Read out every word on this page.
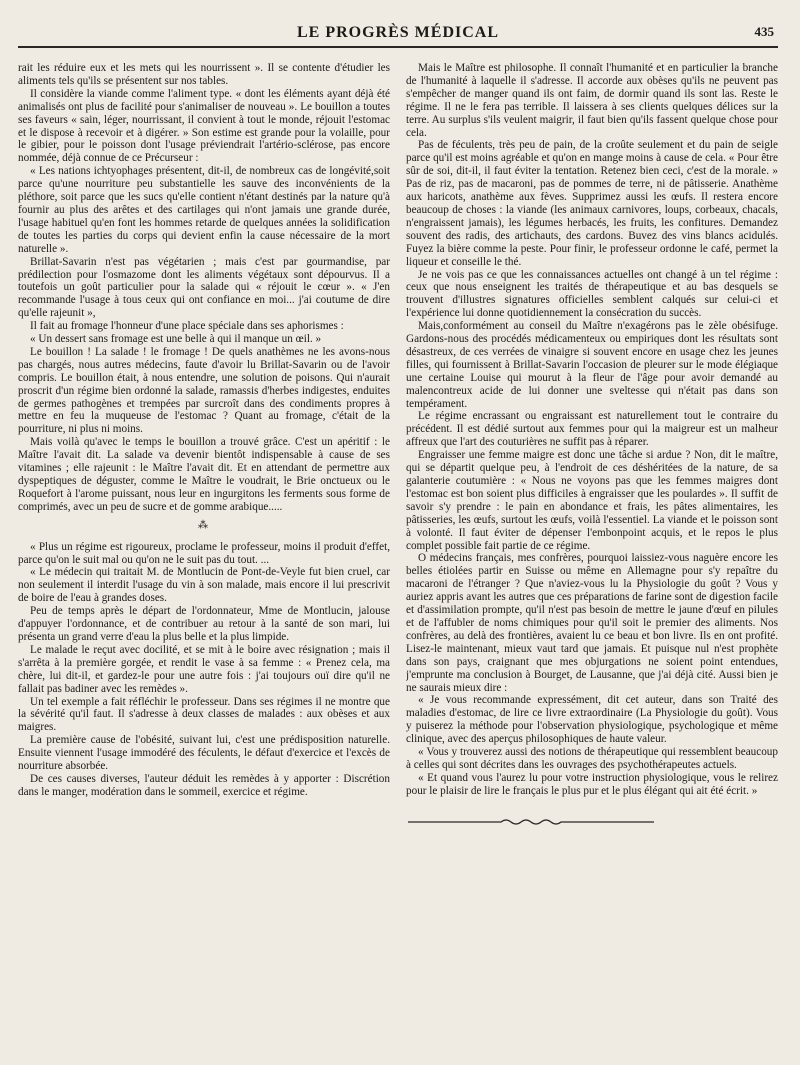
LE PROGRÈS MÉDICAL	435

rait les réduire eux et les mets qui les nourrissent ». Il se contente d'étudier les aliments tels qu'ils se présentent sur nos tables.

Il considère la viande comme l'aliment type. « dont les éléments ayant déjà été animalisés ont plus de facilité pour s'animaliser de nouveau ». Le bouillon a toutes ses faveurs « sain, léger, nourrissant, il convient à tout le monde, réjouit l'estomac et le dispose à recevoir et à digérer. » Son estime est grande pour la volaille, pour le gibier, pour le poisson dont l'usage préviendrait l'artério-sclérose, pas encore nommée, déjà connue de ce Précurseur :

« Les nations ichtyophages présentent, dit-il, de nombreux cas de longévité,soit parce qu'une nourriture peu substantielle les sauve des inconvénients de la pléthore, soit parce que les sucs qu'elle contient n'étant destinés par la nature qu'à fournir au plus des arêtes et des cartilages qui n'ont jamais une grande durée, l'usage habituel qu'en font les hommes retarde de quelques années la solidification de toutes les parties du corps qui devient enfin la cause nécessaire de la mort naturelle ».

Brillat-Savarin n'est pas végétarien ; mais c'est par gourmandise, par prédilection pour l'osmazome dont les aliments végétaux sont dépourvus. Il a toutefois un goût particulier pour la salade qui « réjouit le cœur ». « J'en recommande l'usage à tous ceux qui ont confiance en moi... j'ai coutume de dire qu'elle rajeunit »,

Il fait au fromage l'honneur d'une place spéciale dans ses aphorismes :

« Un dessert sans fromage est une belle à qui il manque un œil. »

Le bouillon ! La salade ! le fromage ! De quels anathèmes ne les avons-nous pas chargés, nous autres médecins, faute d'avoir lu Brillat-Savarin ou de l'avoir compris. Le bouillon était, à nous entendre, une solution de poisons. Qui n'aurait proscrit d'un régime bien ordonné la salade, ramassis d'herbes indigestes, enduites de germes pathogènes et trempées par surcroît dans des condiments propres à mettre en feu la muqueuse de l'estomac ? Quant au fromage, c'était de la pourriture, ni plus ni moins.

Mais voilà qu'avec le temps le bouillon a trouvé grâce. C'est un apéritif : le Maître l'avait dit. La salade va devenir bientôt indispensable à cause de ses vitamines ; elle rajeunit : le Maître l'avait dit. Et en attendant de permettre aux dyspeptiques de déguster, comme le Maître le voudrait, le Brie onctueux ou le Roquefort à l'arome puissant, nous leur en ingurgitons les ferments sous forme de comprimés, avec un peu de sucre et de gomme arabique.....

⁂

« Plus un régime est rigoureux, proclame le professeur, moins il produit d'effet, parce qu'on le suit mal ou qu'on ne le suit pas du tout. ...

« Le médecin qui traitait M. de Montlucin de Pont-de-Veyle fut bien cruel, car non seulement il interdit l'usage du vin à son malade, mais encore il lui prescrivit de boire de l'eau à grandes doses.

Peu de temps après le départ de l'ordonnateur, Mme de Montlucin, jalouse d'appuyer l'ordonnance, et de contribuer au retour à la santé de son mari, lui présenta un grand verre d'eau la plus belle et la plus limpide.

Le malade le reçut avec docilité, et se mit à le boire avec résignation ; mais il s'arrêta à la première gorgée, et rendit le vase à sa femme : « Prenez cela, ma chère, lui dit-il, et gardez-le pour une autre fois : j'ai toujours ouï dire qu'il ne fallait pas badiner avec les remèdes ».

Un tel exemple a fait réfléchir le professeur. Dans ses régimes il ne montre que la sévérité qu'il faut. Il s'adresse à deux classes de malades : aux obèses et aux maigres.

La première cause de l'obésité, suivant lui, c'est une prédisposition naturelle. Ensuite viennent l'usage immodéré des féculents, le défaut d'exercice et l'excès de nourriture absorbée.

De ces causes diverses, l'auteur déduit les remèdes à y apporter : Discrétion dans le manger, modération dans le sommeil, exercice et régime.

Mais le Maître est philosophe. Il connaît l'humanité et en particulier la branche de l'humanité à laquelle il s'adresse. Il accorde aux obèses qu'ils ne peuvent pas s'empêcher de manger quand ils ont faim, de dormir quand ils sont las. Reste le régime. Il ne le fera pas terrible. Il laissera à ses clients quelques délices sur la terre. Au surplus s'ils veulent maigrir, il faut bien qu'ils fassent quelque chose pour cela.

Pas de féculents, très peu de pain, de la croûte seulement et du pain de seigle parce qu'il est moins agréable et qu'on en mange moins à cause de cela. « Pour être sûr de soi, dit-il, il faut éviter la tentation. Retenez bien ceci, c'est de la morale. » Pas de riz, pas de macaroni, pas de pommes de terre, ni de pâtisserie. Anathème aux haricots, anathème aux fèves. Supprimez aussi les œufs. Il restera encore beaucoup de choses : la viande (les animaux carnivores, loups, corbeaux, chacals, n'engraissent jamais), les légumes herbacés, les fruits, les confitures. Demandez souvent des radis, des artichauts, des cardons. Buvez des vins blancs acidulés. Fuyez la bière comme la peste. Pour finir, le professeur ordonne le café, permet la liqueur et conseille le thé.

Je ne vois pas ce que les connaissances actuelles ont changé à un tel régime : ceux que nous enseignent les traités de thérapeutique et au bas desquels se trouvent d'illustres signatures officielles semblent calqués sur celui-ci et l'expérience lui donne quotidiennement la consécration du succès.

Mais,conformément au conseil du Maître n'exagérons pas le zèle obésifuge. Gardons-nous des procédés médicamenteux ou empiriques dont les résultats sont désastreux, de ces verrées de vinaigre si souvent encore en usage chez les jeunes filles, qui fournissent à Brillat-Savarin l'occasion de pleurer sur le mode élégiaque une certaine Louise qui mourut à la fleur de l'âge pour avoir demandé au malencontreux acide de lui donner une sveltesse qui n'était pas dans son tempérament.

Le régime encrassant ou engraissant est naturellement tout le contraire du précédent. Il est dédié surtout aux femmes pour qui la maigreur est un malheur affreux que l'art des couturières ne suffit pas à réparer.

Engraisser une femme maigre est donc une tâche si ardue ? Non, dit le maître, qui se départit quelque peu, à l'endroit de ces déshéritées de la nature, de sa galanterie coutumière : « Nous ne voyons pas que les femmes maigres dont l'estomac est bon soient plus difficiles à engraisser que les poulardes ». Il suffit de savoir s'y prendre : le pain en abondance et frais, les pâtes alimentaires, les pâtisseries, les œufs, surtout les œufs, voilà l'essentiel. La viande et le poisson sont à volonté. Il faut éviter de dépenser l'embonpoint acquis, et le repos le plus complet possible fait partie de ce régime.

O médecins français, mes confrères, pourquoi laissiez-vous naguère encore les belles étiolées partir en Suisse ou même en Allemagne pour s'y repaître du macaroni de l'étranger ? Que n'aviez-vous lu la Physiologie du goût ? Vous y auriez appris avant les autres que ces préparations de farine sont de digestion facile et d'assimilation prompte, qu'il n'est pas besoin de mettre le jaune d'œuf en pilules et de l'affubler de noms chimiques pour qu'il soit le premier des aliments. Nos confrères, au delà des frontières, avaient lu ce beau et bon livre. Ils en ont profité. Lisez-le maintenant, mieux vaut tard que jamais. Et puisque nul n'est prophète dans son pays, craignant que mes objurgations ne soient point entendues, j'emprunte ma conclusion à Bourget, de Lausanne, que j'ai déjà cité. Aussi bien je ne saurais mieux dire :

« Je vous recommande expressément, dit cet auteur, dans son Traité des maladies d'estomac, de lire ce livre extraordinaire (La Physiologie du goût). Vous y puiserez la méthode pour l'observation physiologique, psychologique et même clinique, avec des aperçus philosophiques de haute valeur.

« Vous y trouverez aussi des notions de thérapeutique qui ressemblent beaucoup à celles qui sont décrites dans les ouvrages des psychothérapeutes actuels.

« Et quand vous l'aurez lu pour votre instruction physiologique, vous le relirez pour le plaisir de lire le français le plus pur et le plus élégant qui ait été écrit. »
